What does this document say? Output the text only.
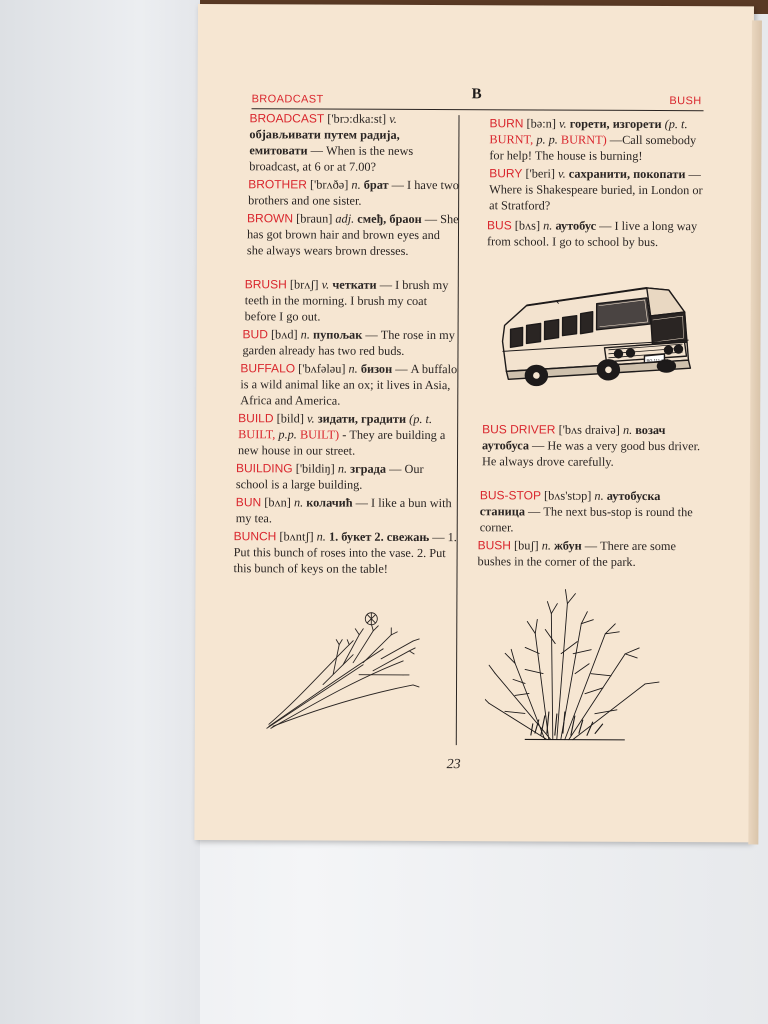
BROADCAST	B	BUSH
BROADCAST ['brɔ:dka:st] v. објављивати путем радија, емитовати — When is the news broadcast, at 6 or at 7.00?
BROTHER ['brʌðə] n. брат — I have two brothers and one sister.
BROWN [braun] adj. смеђ, браон — She has got brown hair and brown eyes and she always wears brown dresses.
BRUSH [brʌʃ] v. четкати — I brush my teeth in the morning. I brush my coat before I go out.
BUD [bʌd] n. пупољак — The rose in my garden already has two red buds.
BUFFALO ['bʌfələu] n. бизон — A buffalo is a wild animal like an ox; it lives in Asia, Africa and America.
BUILD [bild] v. зидати, градити (p. t. BUILT, p.p. BUILT) - They are building a new house in our street.
BUILDING ['bildiŋ] n. зграда — Our school is a large building.
BUN [bʌn] n. колачић — I like a bun with my tea.
BUNCH [bʌntʃ] n. 1. букет 2. свежањ — 1. Put this bunch of roses into the vase. 2. Put this bunch of keys on the table!
BURN [bə:n] v. горети, изгорети (p. t. BURNT, p. p. BURNT) —Call somebody for help! The house is burning!
BURY ['beri] v. сахранити, покопати — Where is Shakespeare buried, in London or at Stratford?
BUS [bʌs] n. аутобус — I live a long way from school. I go to school by bus.
BG 111-222
BUS DRIVER ['bʌs draivə] n. возач аутобуса — He was a very good bus driver. He always drove carefully.
BUS-STOP [bʌs'stɔp] n. аутобуска станица — The next bus-stop is round the corner.
BUSH [buʃ] n. жбун — There are some bushes in the corner of the park.
23
